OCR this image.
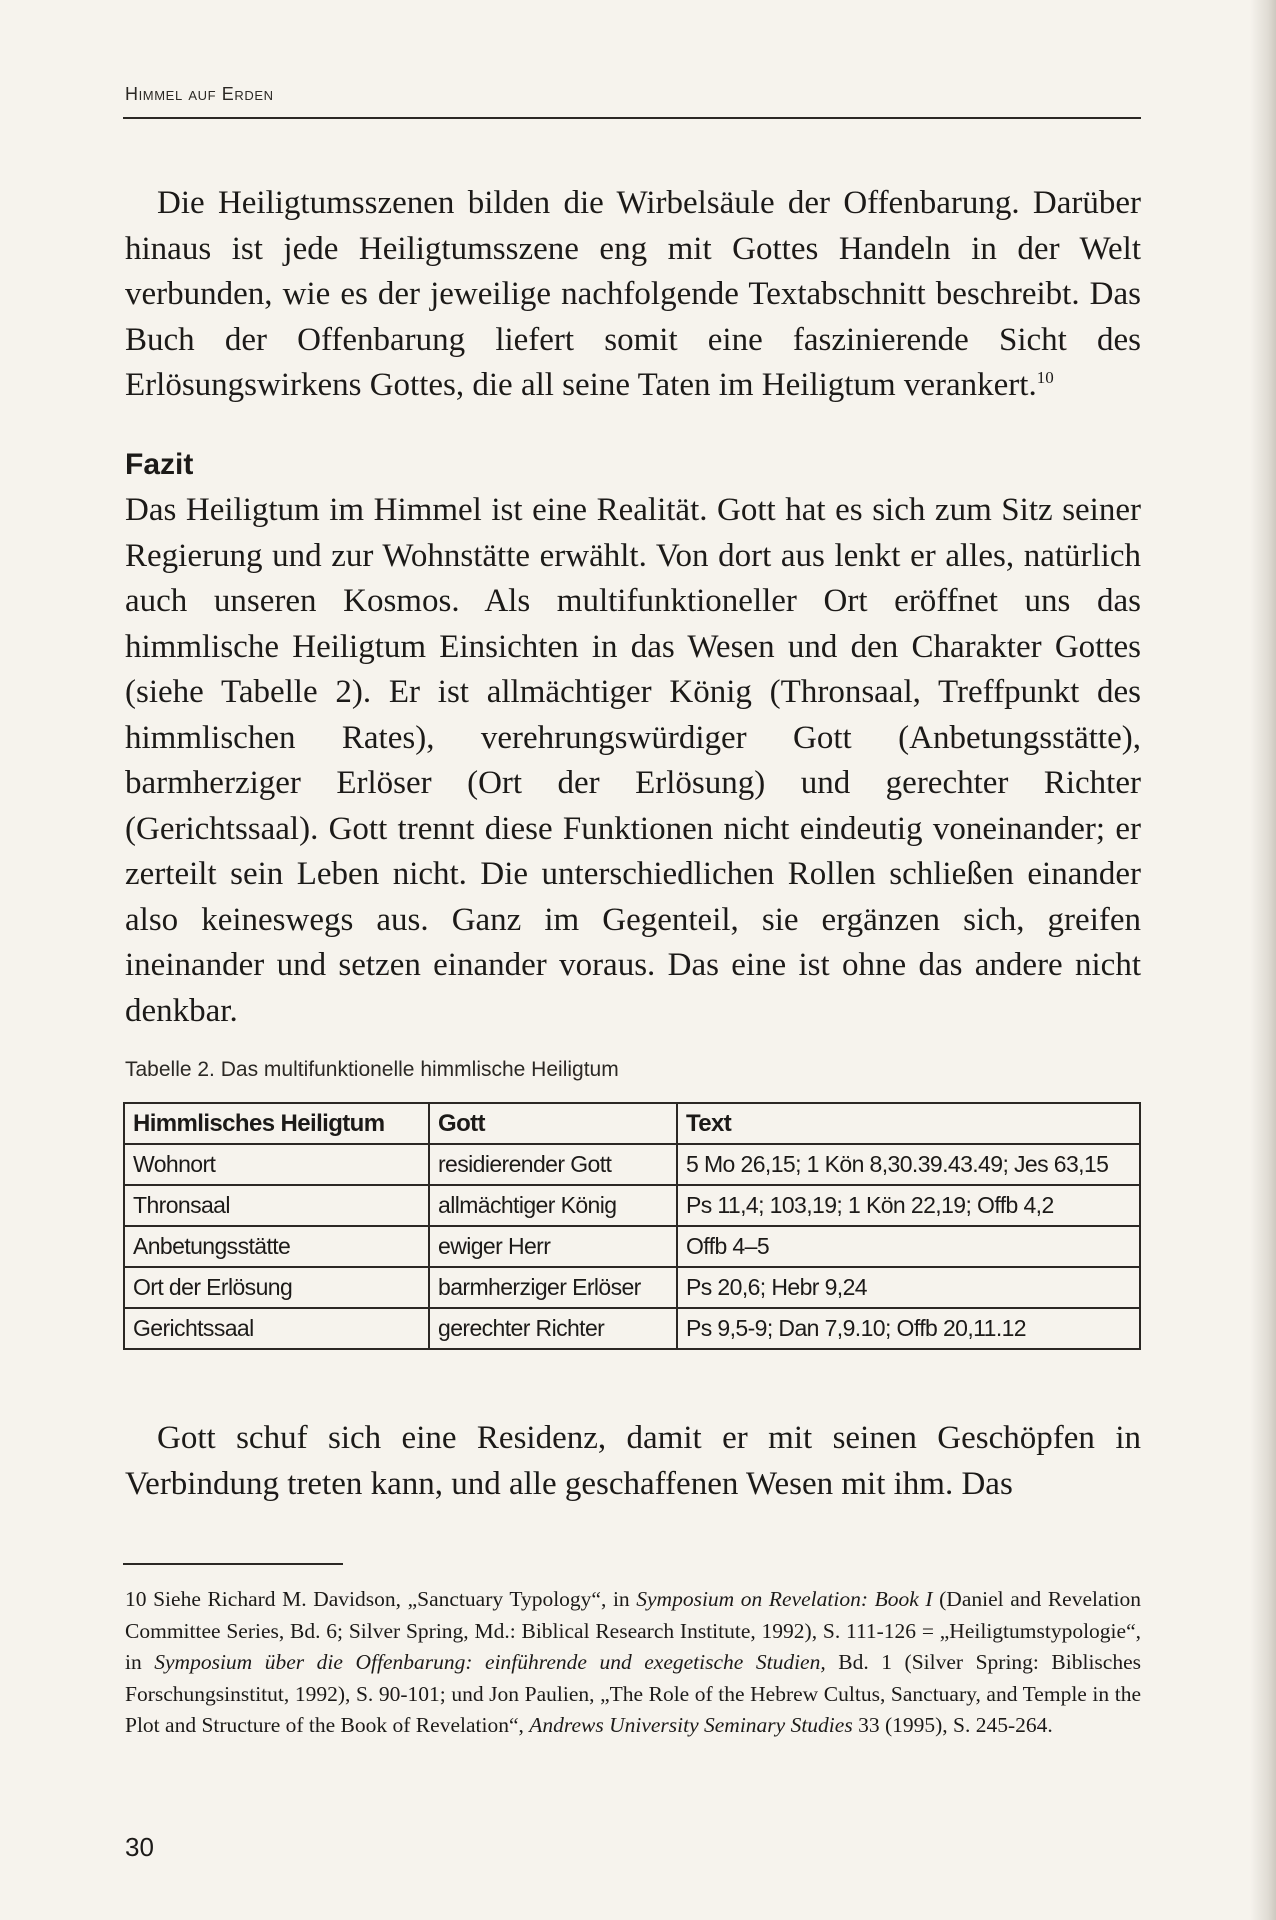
Himmel auf Erden

Die Heiligtumsszenen bilden die Wirbelsäule der Offenbarung. Darüber hinaus ist jede Heiligtumsszene eng mit Gottes Handeln in der Welt verbunden, wie es der jeweilige nachfolgende Textabschnitt beschreibt. Das Buch der Offenbarung liefert somit eine faszinierende Sicht des Erlösungswirkens Gottes, die all seine Taten im Heiligtum verankert.$^{10}$

Fazit

Das Heiligtum im Himmel ist eine Realität. Gott hat es sich zum Sitz seiner Regierung und zur Wohnstätte erwählt. Von dort aus lenkt er alles, natürlich auch unseren Kosmos. Als multifunktioneller Ort eröffnet uns das himmlische Heiligtum Einsichten in das Wesen und den Charakter Gottes (siehe Tabelle 2). Er ist allmächtiger König (Thronsaal, Treffpunkt des himmlischen Rates), verehrungswürdiger Gott (Anbetungsstätte), barmherziger Erlöser (Ort der Erlösung) und gerechter Richter (Gerichtssaal). Gott trennt diese Funktionen nicht eindeutig voneinander; er zerteilt sein Leben nicht. Die unterschiedlichen Rollen schließen einander also keineswegs aus. Ganz im Gegenteil, sie ergänzen sich, greifen ineinander und setzen einander voraus. Das eine ist ohne das andere nicht denkbar.

Tabelle 2. Das multifunktionelle himmlische Heiligtum

Himmlisches Heiligtum	Gott	Text
Wohnort	residierender Gott	5 Mo 26,15; 1 Kön 8,30.39.43.49; Jes 63,15
Thronsaal	allmächtiger König	Ps 11,4; 103,19; 1 Kön 22,19; Offb 4,2
Anbetungsstätte	ewiger Herr	Offb 4–5
Ort der Erlösung	barmherziger Erlöser	Ps 20,6; Hebr 9,24
Gerichtssaal	gerechter Richter	Ps 9,5-9; Dan 7,9.10; Offb 20,11.12

Gott schuf sich eine Residenz, damit er mit seinen Geschöpfen in Verbindung treten kann, und alle geschaffenen Wesen mit ihm. Das

10 Siehe Richard M. Davidson, „Sanctuary Typology“, in Symposium on Revelation: Book I (Daniel and Revelation Committee Series, Bd. 6; Silver Spring, Md.: Biblical Research Institute, 1992), S. 111-126 = „Heiligtumstypologie“, in Symposium über die Offenbarung: einführende und exegetische Studien, Bd. 1 (Silver Spring: Biblisches Forschungsinstitut, 1992), S. 90-101; und Jon Paulien, „The Role of the Hebrew Cultus, Sanctuary, and Temple in the Plot and Structure of the Book of Revelation“, Andrews University Seminary Studies 33 (1995), S. 245-264.

30
